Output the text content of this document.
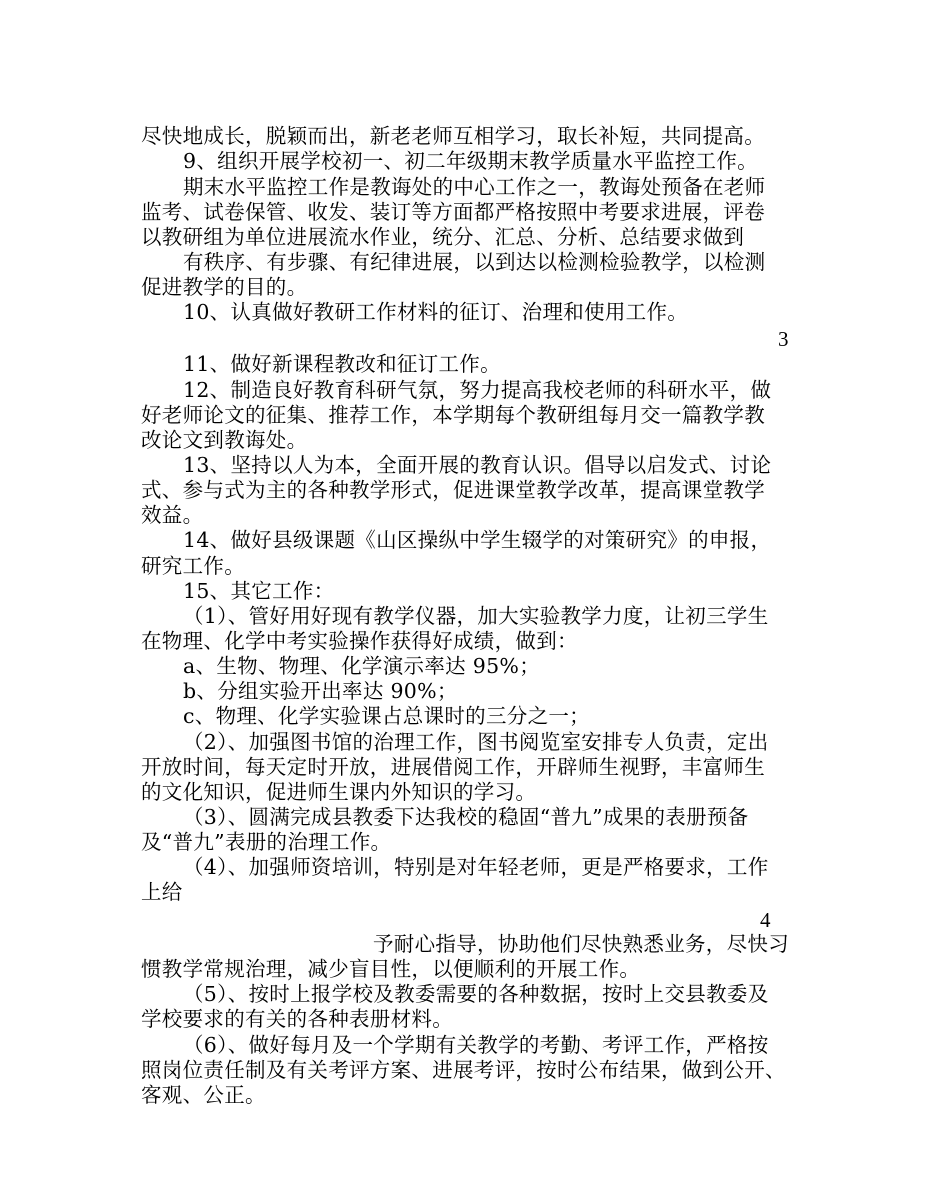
尽快地成长，脱颖而出，新老老师互相学习，取长补短，共同提高。
9、组织开展学校初一、初二年级期末教学质量水平监控工作。
期末水平监控工作是教诲处的中心工作之一，教诲处预备在老师
监考、试卷保管、收发、装订等方面都严格按照中考要求进展，评卷
以教研组为单位进展流水作业，统分、汇总、分析、总结要求做到
有秩序、有步骤、有纪律进展，以到达以检测检验教学，以检测
促进教学的目的。
10、认真做好教研工作材料的征订、治理和使用工作。
3
11、做好新课程教改和征订工作。
12、制造良好教育科研气氛，努力提高我校老师的科研水平，做
好老师论文的征集、推荐工作，本学期每个教研组每月交一篇教学教
改论文到教诲处。
13、坚持以人为本，全面开展的教育认识。倡导以启发式、讨论
式、参与式为主的各种教学形式，促进课堂教学改革，提高课堂教学
效益。
14、做好县级课题《山区操纵中学生辍学的对策研究》的申报，
研究工作。
15、其它工作：
（1）、管好用好现有教学仪器，加大实验教学力度，让初三学生
在物理、化学中考实验操作获得好成绩，做到：
a、生物、物理、化学演示率达 95%；
b、分组实验开出率达 90%；
c、物理、化学实验课占总课时的三分之一；
（2）、加强图书馆的治理工作，图书阅览室安排专人负责，定出
开放时间，每天定时开放，进展借阅工作，开辟师生视野，丰富师生
的文化知识，促进师生课内外知识的学习。
（3）、圆满完成县教委下达我校的稳固“普九”成果的表册预备
及“普九”表册的治理工作。
（4）、加强师资培训，特别是对年轻老师，更是严格要求，工作
上给
4
予耐心指导，协助他们尽快熟悉业务，尽快习
惯教学常规治理，减少盲目性，以便顺利的开展工作。
（5）、按时上报学校及教委需要的各种数据，按时上交县教委及
学校要求的有关的各种表册材料。
（6）、做好每月及一个学期有关教学的考勤、考评工作，严格按
照岗位责任制及有关考评方案、进展考评，按时公布结果，做到公开、
客观、公正。
